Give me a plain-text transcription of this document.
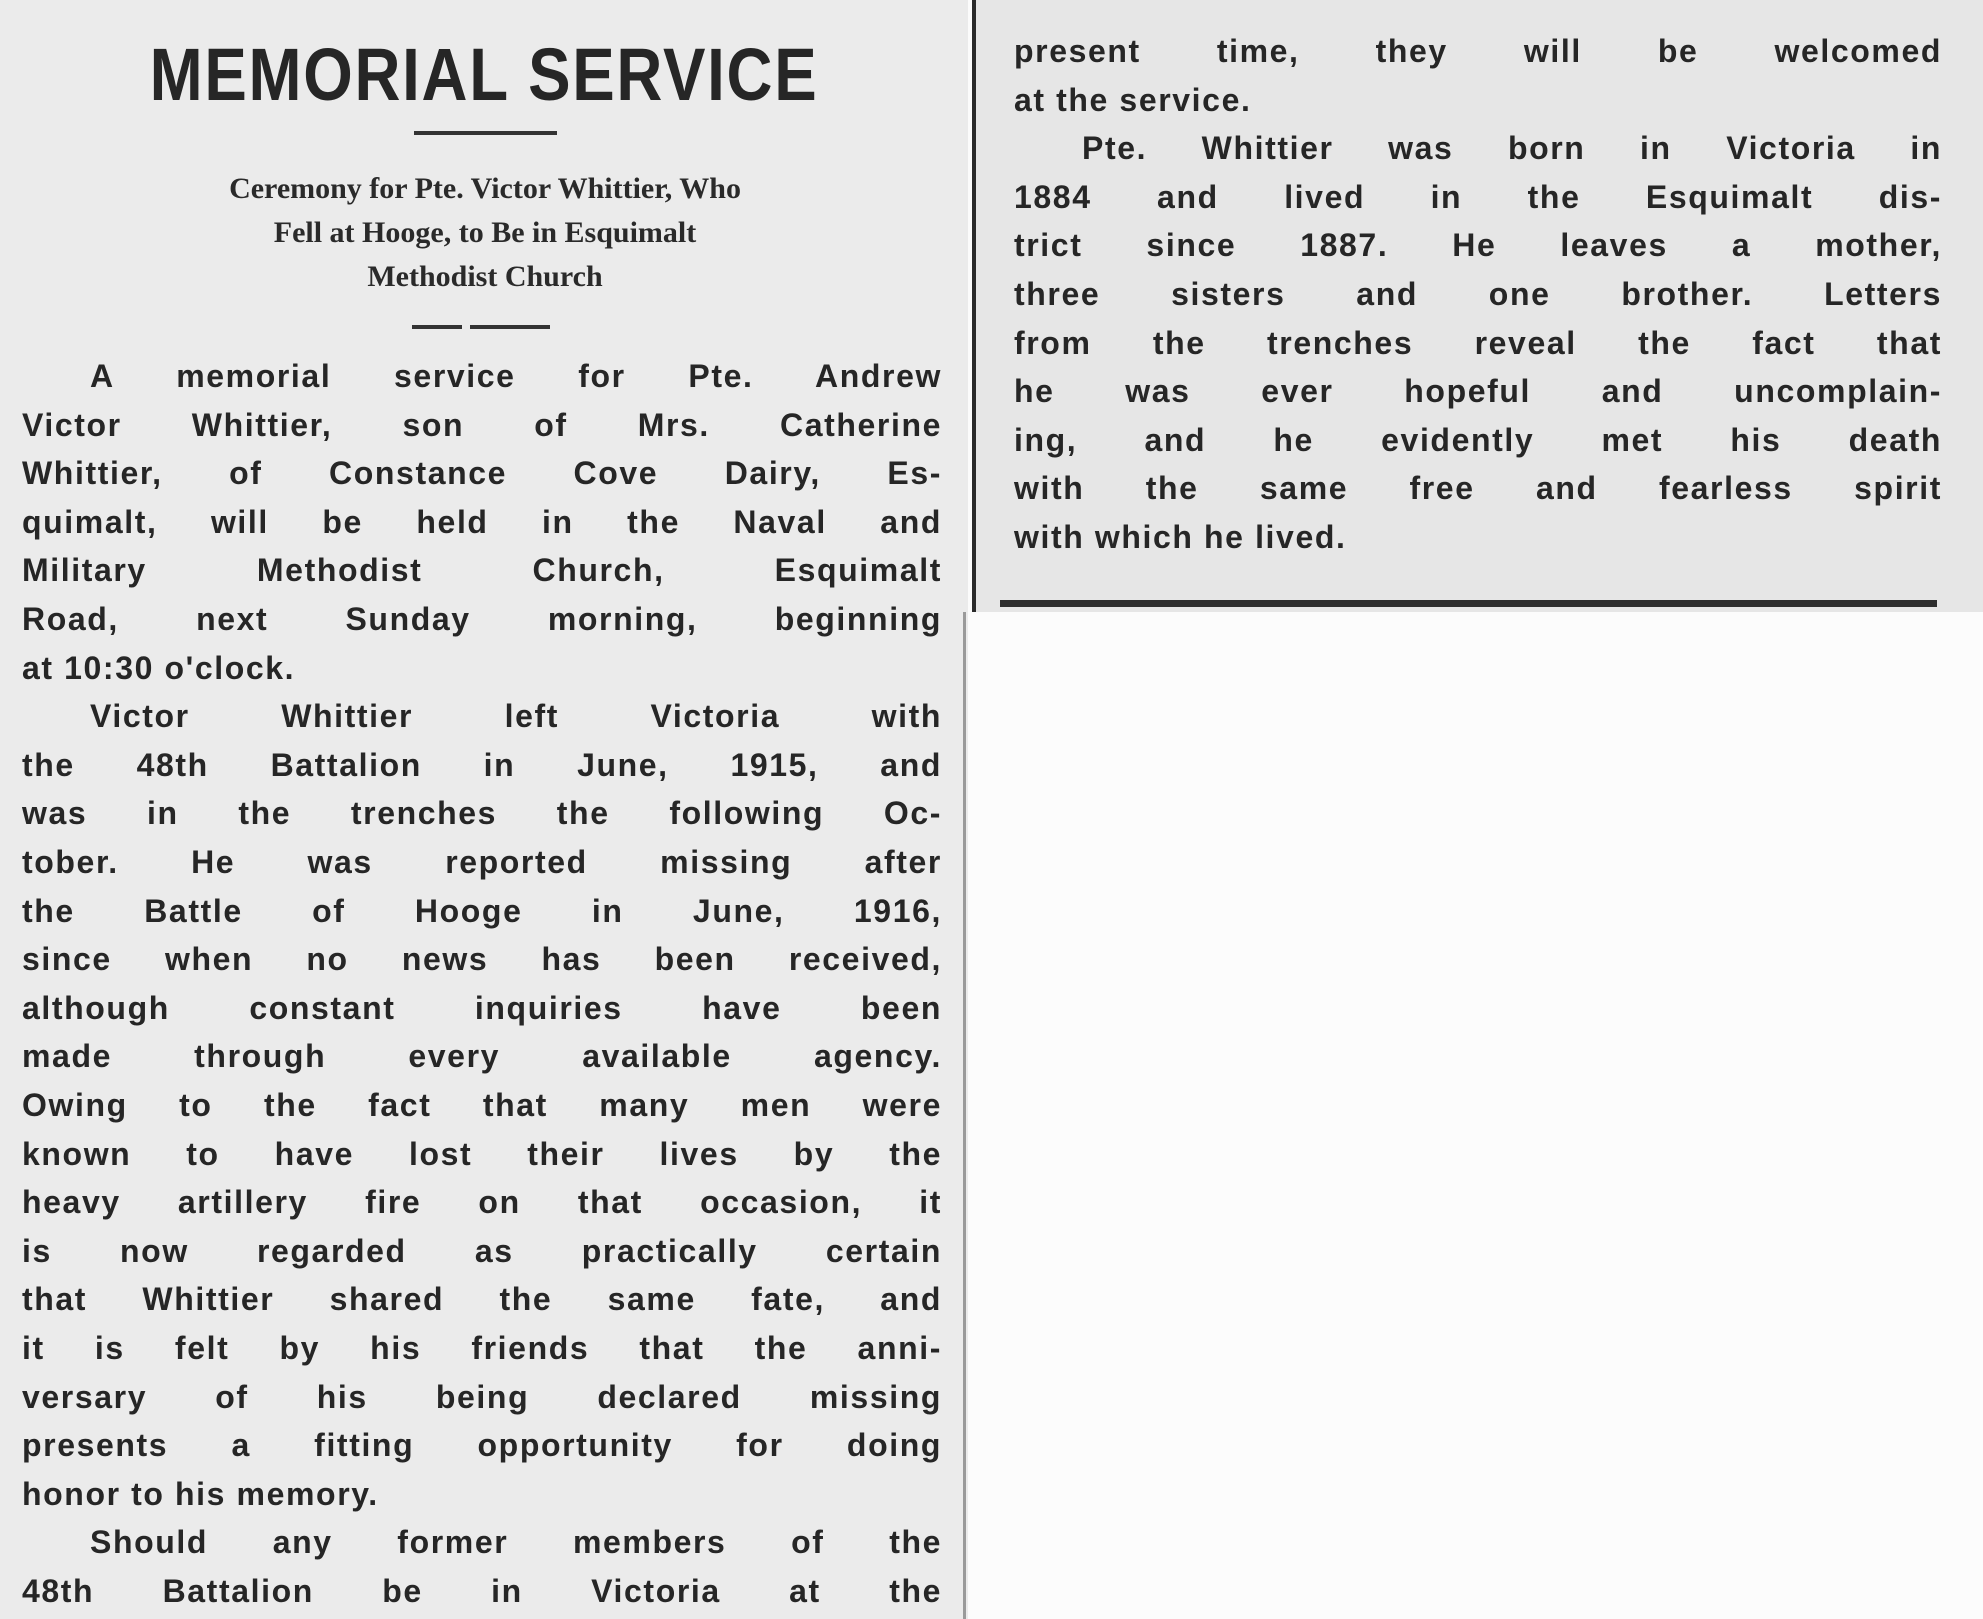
MEMORIAL SERVICE
Ceremony for Pte. Victor Whittier, Who
Fell at Hooge, to Be in Esquimalt
Methodist Church
A memorial service for Pte. Andrew
Victor Whittier, son of Mrs. Catherine
Whittier, of Constance Cove Dairy, Es-
quimalt, will be held in the Naval and
Military Methodist Church, Esquimalt
Road, next Sunday morning, beginning
at 10:30 o'clock.
Victor Whittier left Victoria with
the 48th Battalion in June, 1915, and
was in the trenches the following Oc-
tober. He was reported missing after
the Battle of Hooge in June, 1916,
since when no news has been received,
although constant inquiries have been
made through every available agency.
Owing to the fact that many men were
known to have lost their lives by the
heavy artillery fire on that occasion, it
is now regarded as practically certain
that Whittier shared the same fate, and
it is felt by his friends that the anni-
versary of his being declared missing
presents a fitting opportunity for doing
honor to his memory.
Should any former members of the
48th Battalion be in Victoria at the
present time, they will be welcomed
at the service.
Pte. Whittier was born in Victoria in
1884 and lived in the Esquimalt dis-
trict since 1887. He leaves a mother,
three sisters and one brother. Letters
from the trenches reveal the fact that
he was ever hopeful and uncomplain-
ing, and he evidently met his death
with the same free and fearless spirit
with which he lived.
